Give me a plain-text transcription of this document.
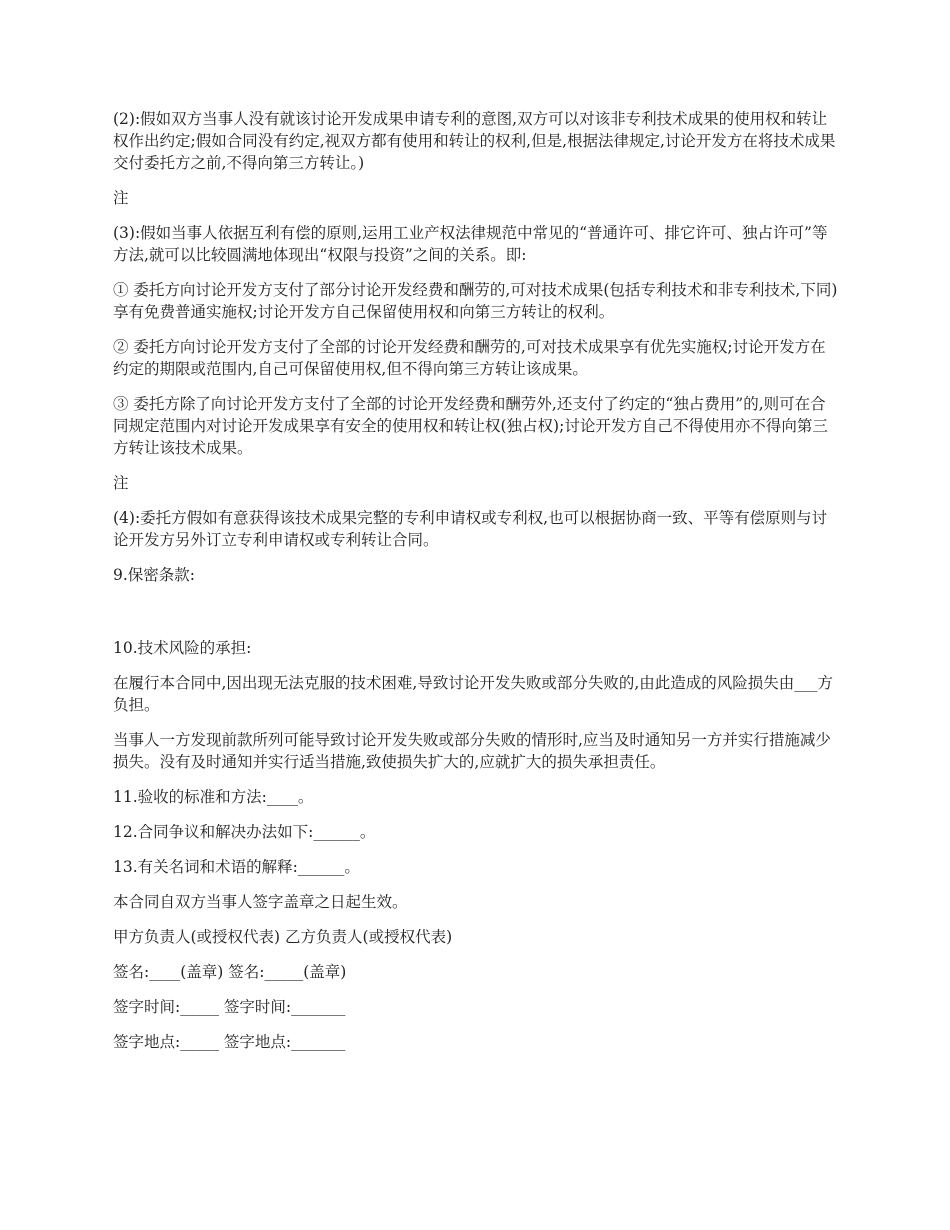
(2):假如双方当事人没有就该讨论开发成果申请专利的意图,双方可以对该非专利技术成果的使用权和转让权作出约定;假如合同没有约定,视双方都有使用和转让的权利,但是,根据法律规定,讨论开发方在将技术成果交付委托方之前,不得向第三方转让。)

注

(3):假如当事人依据互利有偿的原则,运用工业产权法律规范中常见的“普通许可、排它许可、独占许可”等方法,就可以比较圆满地体现出“权限与投资”之间的关系。即:

① 委托方向讨论开发方支付了部分讨论开发经费和酬劳的,可对技术成果(包括专利技术和非专利技术,下同)享有免费普通实施权;讨论开发方自己保留使用权和向第三方转让的权利。

② 委托方向讨论开发方支付了全部的讨论开发经费和酬劳的,可对技术成果享有优先实施权;讨论开发方在约定的期限或范围内,自己可保留使用权,但不得向第三方转让该成果。

③ 委托方除了向讨论开发方支付了全部的讨论开发经费和酬劳外,还支付了约定的“独占费用”的,则可在合同规定范围内对讨论开发成果享有安全的使用权和转让权(独占权);讨论开发方自己不得使用亦不得向第三方转让该技术成果。

注

(4):委托方假如有意获得该技术成果完整的专利申请权或专利权,也可以根据协商一致、平等有偿原则与讨论开发方另外订立专利申请权或专利转让合同。

9.保密条款:

10.技术风险的承担:

在履行本合同中,因出现无法克服的技术困难,导致讨论开发失败或部分失败的,由此造成的风险损失由___方负担。

当事人一方发现前款所列可能导致讨论开发失败或部分失败的情形时,应当及时通知另一方并实行措施减少损失。没有及时通知并实行适当措施,致使损失扩大的,应就扩大的损失承担责任。

11.验收的标准和方法:____。

12.合同争议和解决办法如下:______。

13.有关名词和术语的解释:______。

本合同自双方当事人签字盖章之日起生效。

甲方负责人(或授权代表) 乙方负责人(或授权代表)

签名:____(盖章) 签名:_____(盖章)

签字时间:_____ 签字时间:_______

签字地点:_____ 签字地点:_______
